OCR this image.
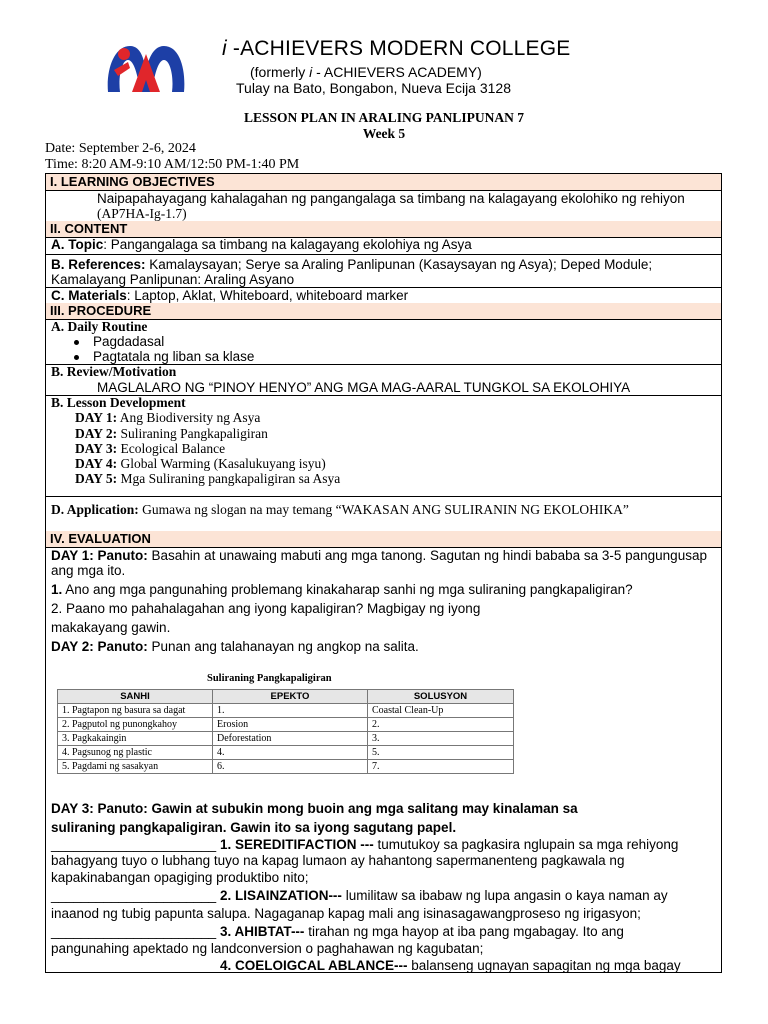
i -ACHIEVERS MODERN COLLEGE
(formerly i - ACHIEVERS ACADEMY)
Tulay na Bato, Bongabon, Nueva Ecija 3128
LESSON PLAN IN ARALING PANLIPUNAN 7
Week 5
Date: September 2-6, 2024
Time: 8:20 AM-9:10 AM/12:50 PM-1:40 PM
I. LEARNING OBJECTIVES
Naipapahayagang kahalagahan ng pangangalaga sa timbang na kalagayang ekolohiko ng rehiyon
(AP7HA-Ig-1.7)
II. CONTENT
A. Topic: Pangangalaga sa timbang na kalagayang ekolohiya ng Asya
B. References: Kamalaysayan; Serye sa Araling Panlipunan (Kasaysayan ng Asya); Deped Module;
Kamalayang Panlipunan: Araling Asyano
C. Materials: Laptop, Aklat, Whiteboard, whiteboard marker
III. PROCEDURE
A. Daily Routine
Pagdadasal
Pagtatala ng liban sa klase
B. Review/Motivation
MAGLALARO NG “PINOY HENYO” ANG MGA MAG-AARAL TUNGKOL SA EKOLOHIYA
B. Lesson Development
DAY 1: Ang Biodiversity ng Asya
DAY 2: Suliraning Pangkapaligiran
DAY 3: Ecological Balance
DAY 4: Global Warming (Kasalukuyang isyu)
DAY 5: Mga Suliraning pangkapaligiran sa Asya
D. Application: Gumawa ng slogan na may temang “WAKASAN ANG SULIRANIN NG EKOLOHIKA”
IV. EVALUATION
DAY 1: Panuto: Basahin at unawaing mabuti ang mga tanong. Sagutan ng hindi bababa sa 3-5 pangungusap
ang mga ito.
1. Ano ang mga pangunahing problemang kinakaharap sanhi ng mga suliraning pangkapaligiran?
2. Paano mo pahahalagahan ang iyong kapaligiran? Magbigay ng iyong
makakayang gawin.
DAY 2: Panuto: Punan ang talahanayan ng angkop na salita.
Suliraning Pangkapaligiran
SANHI	EPEKTO	SOLUSYON
1. Pagtapon ng basura sa dagat	1.	Coastal Clean-Up
2. Pagputol ng punongkahoy	Erosion	2.
3. Pagkakaingin	Deforestation	3.
4. Pagsunog ng plastic	4.	5.
5. Pagdami ng sasakyan	6.	7.
DAY 3: Panuto: Gawin at subukin mong buoin ang mga salitang may kinalaman sa
suliraning pangkapaligiran. Gawin ito sa iyong sagutang papel.
______________________ 1. SEREDITIFACTION --- tumutukoy sa pagkasira nglupain sa mga rehiyong
bahagyang tuyo o lubhang tuyo na kapag lumaon ay hahantong sapermanenteng pagkawala ng
kapakinabangan opagiging produktibo nito;
______________________ 2. LISAINZATION--- lumilitaw sa ibabaw ng lupa angasin o kaya naman ay
inaanod ng tubig papunta salupa. Nagaganap kapag mali ang isinasagawangproseso ng irigasyon;
______________________ 3. AHIBTAT--- tirahan ng mga hayop at iba pang mgabagay. Ito ang
pangunahing apektado ng landconversion o paghahawan ng kagubatan;
______________________ 4. COELOIGCAL ABLANCE--- balanseng ugnayan sapagitan ng mga bagay
